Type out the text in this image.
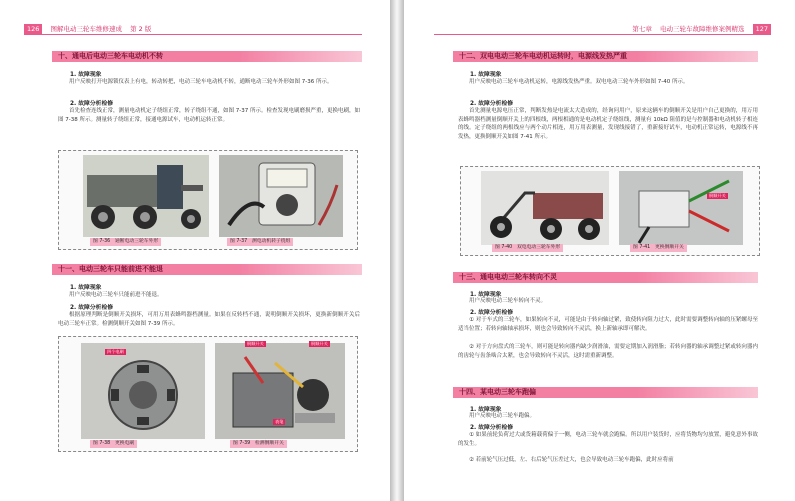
126 图解电动三轮车维修速成 第 2 版
十、通电后电动三轮车电动机不转
1. 故障现象
用户反映打开电源锁仪表上有电，转动转把，电动三轮车电动机不转，通断电动三轮车外形如图 7-36 所示。
2. 故障分析检修
首先检查连线正常，测量电动机定子绕组正常，转子绕组不通，如图 7-37 所示。检查发现电刷磨损严重，更换电刷，如图 7-38 所示。测量转子绕组正常，接通电源试车，电动机运转正常。
图 7-36　通断电动三轮车外形	图 7-37　测电动机转子绕组
十一、电动三轮车只能前进不能退
1. 故障现象
用户反映电动三轮车只能前进不能退。
2. 故障分析检修
根据原理判断是倒顺开关损坏，可用万用表蜂鸣器档测量。如果在反转档不通，说明倒顺开关损坏，更换新倒顺开关后电动三轮车正常。检测倒顺开关如图 7-39 所示。
四个电刷
倒顺开关	倒顺开关
表笔
图 7-38　更换电刷	图 7-39　检测倒顺开关
第七章 电动三轮车故障维修案例精选 127
十二、双电电动三轮车电动机运转时，电源线发热严重
1. 故障现象
用户反映电动三轮车电动机运转，电源线发热严重。双电电动三轮车外形如图 7-40 所示。
2. 故障分析检修
首先测量电源电压正常，判断发热是电流太大造成的，经询问用户，原来这辆车的倒顺开关是用户自己更换的，用万用表蜂鸣器档测量倒顺开关上的四根线，两根相通的是电动机定子绕组线，测量有 10kΩ 阻值的是与控制器和电动机转子相连的线。定子绕组的两根线应与两个动片相连，用万用表测量，发现线接错了，重新接好试车，电动机正常运转，电源线不再发热，更换倒顺开关如图 7-41 所示。
倒顺开关
图 7-40　双电电动三轮车外形	图 7-41　更换倒顺开关
十三、通电电动三轮车转向不灵
1. 故障现象
用户反映电动三轮车转向不灵。
2. 故障分析检修
① 对于车式的三轮车，如果转向不灵，可能是由于转向轴过紧，致使转向阻力过大，此时需要调整转向轴的压紧螺母至适当位置；若转向轴轴承损坏，则也会导致转向不灵活，换上新轴承即可解决。
② 对于方向盘式的三轮车，则可能是转向器内缺少润滑油，需要定期加入润滑脂；若转向器的轴承调整过紧或转向器内的齿轮与齿条啮合太紧，也会导致转向不灵活，这时需重新调整。
十四、某电动三轮车跑偏
1. 故障现象
用户反映电动三轮车跑偏。
2. 故障分析检修
① 如果前轮负荷过大或货箱载荷偏于一侧，电动三轮车就会跑偏。所以用户装货时，应将货物均匀放置，避免意外事故的发生。
② 若前轮气压过低，左、右后轮气压差过大，也会导致电动三轮车跑偏，此时应将前
